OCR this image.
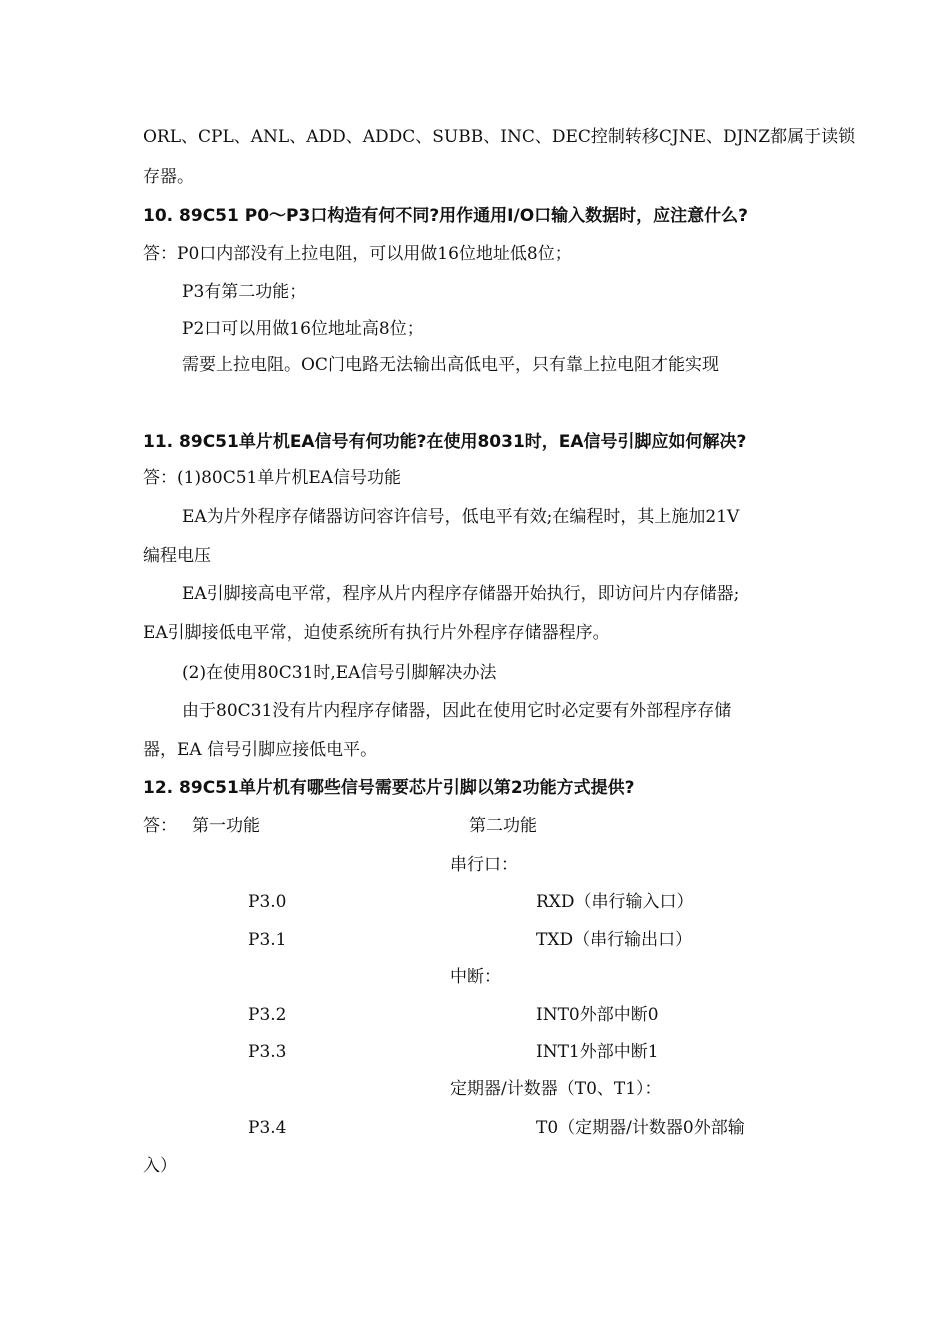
ORL、CPL、ANL、ADD、ADDC、SUBB、INC、DEC控制转移CJNE、DJNZ都属于读锁
存器。
10. 89C51 P0～P3口构造有何不同?用作通用I/O口输入数据时，应注意什么?
答：P0口内部没有上拉电阻，可以用做16位地址低8位；
P3有第二功能；
P2口可以用做16位地址高8位；
需要上拉电阻。OC门电路无法输出高低电平，只有靠上拉电阻才能实现
11. 89C51单片机EA信号有何功能?在使用8031时，EA信号引脚应如何解决?
答：(1)80C51单片机EA信号功能
EA为片外程序存储器访问容许信号，低电平有效;在编程时，其上施加21V
编程电压
EA引脚接高电平常，程序从片内程序存储器开始执行，即访问片内存储器;
EA引脚接低电平常，迫使系统所有执行片外程序存储器程序。
(2)在使用80C31时,EA信号引脚解决办法
由于80C31没有片内程序存储器，因此在使用它时必定要有外部程序存储
器，EA 信号引脚应接低电平。
12. 89C51单片机有哪些信号需要芯片引脚以第2功能方式提供?
答： 第一功能	第二功能
串行口：
P3.0	RXD（串行输入口）
P3.1	TXD（串行输出口）
中断：
P3.2	INT0外部中断0
P3.3	INT1外部中断1
定期器/计数器（T0、T1）：
P3.4	T0（定期器/计数器0外部输
入）
